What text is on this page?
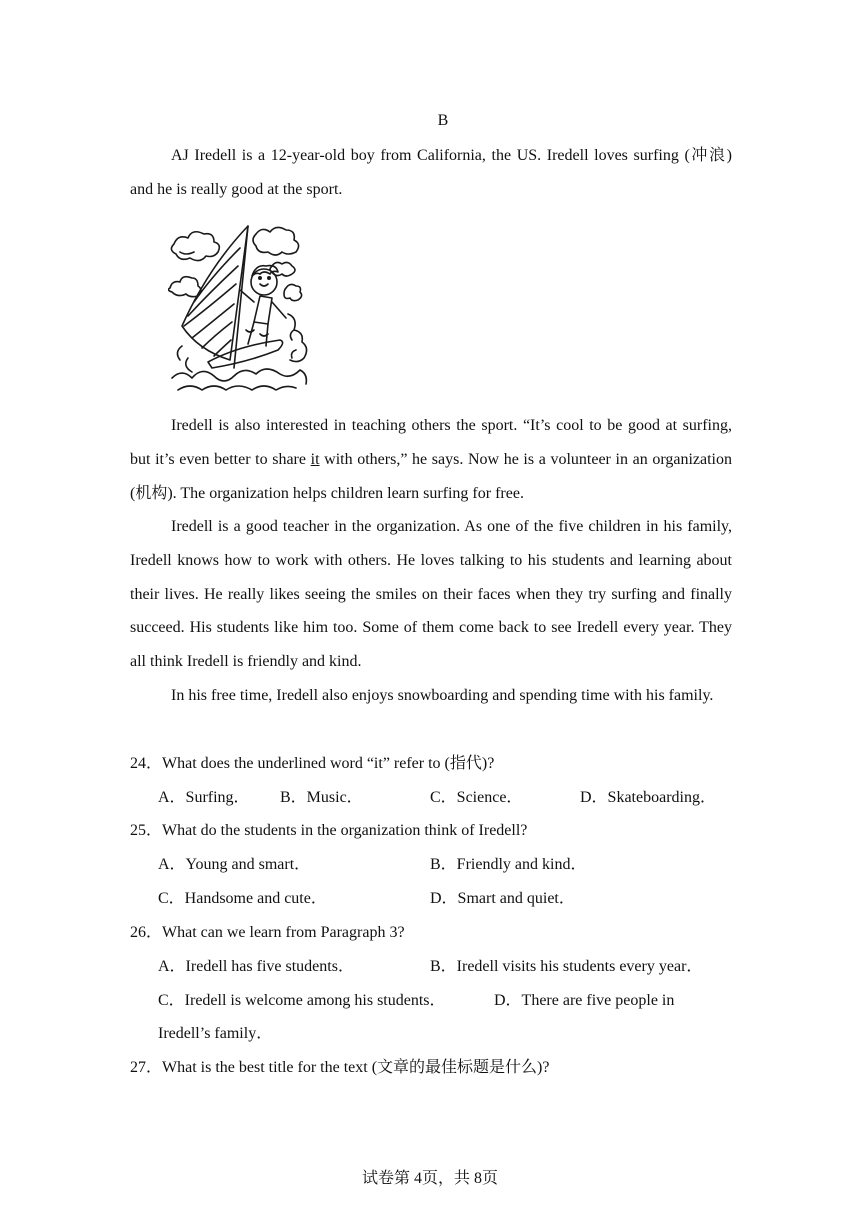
B

AJ Iredell is a 12-year-old boy from California, the US. Iredell loves surfing (冲浪) and he is really good at the sport.

Iredell is also interested in teaching others the sport. “It’s cool to be good at surfing, but it’s even better to share it with others,” he says. Now he is a volunteer in an organization (机构). The organization helps children learn surfing for free.

Iredell is a good teacher in the organization. As one of the five children in his family, Iredell knows how to work with others. He loves talking to his students and learning about their lives. He really likes seeing the smiles on their faces when they try surfing and finally succeed. His students like him too. Some of them come back to see Iredell every year. They all think Iredell is friendly and kind.

In his free time, Iredell also enjoys snowboarding and spending time with his family.

24．What does the underlined word “it” refer to (指代)?
A．Surfing． B．Music．	C．Science．	D．Skateboarding．
25．What do the students in the organization think of Iredell?
A．Young and smart．	B．Friendly and kind．
C．Handsome and cute．	D．Smart and quiet．
26．What can we learn from Paragraph 3?
A．Iredell has five students．	B．Iredell visits his students every year．
C．Iredell is welcome among his students．	D．There are five people in
Iredell’s family．
27．What is the best title for the text (文章的最佳标题是什么)?
试卷第 4页，共 8页
